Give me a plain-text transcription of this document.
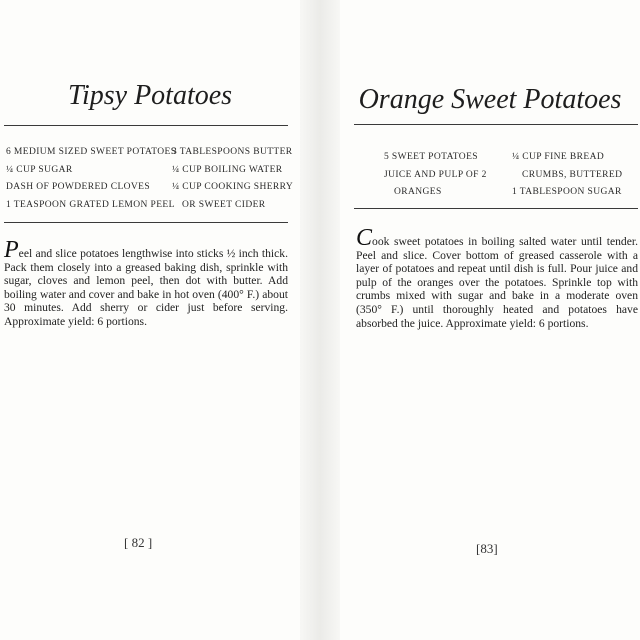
Tipsy Potatoes
6 MEDIUM SIZED SWEET POTATOES
¼ CUP SUGAR
DASH OF POWDERED CLOVES
1 TEASPOON GRATED LEMON PEEL
3 TABLESPOONS BUTTER
¼ CUP BOILING WATER
¼ CUP COOKING SHERRY
OR SWEET CIDER
Peel and slice potatoes lengthwise into sticks ½ inch thick. Pack them closely into a greased baking dish, sprinkle with sugar, cloves and lemon peel, then dot with butter. Add boiling water and cover and bake in hot oven (400° F.) about 30 minutes. Add sherry or cider just before serving. Approximate yield: 6 portions.
[ 82 ]
Orange Sweet Potatoes
5 SWEET POTATOES
JUICE AND PULP OF 2
ORANGES
¼ CUP FINE BREAD
CRUMBS, BUTTERED
1 TABLESPOON SUGAR
Cook sweet potatoes in boiling salted water until tender. Peel and slice. Cover bottom of greased casserole with a layer of potatoes and repeat until dish is full. Pour juice and pulp of the oranges over the potatoes. Sprinkle top with crumbs mixed with sugar and bake in a moderate oven (350° F.) until thoroughly heated and potatoes have absorbed the juice. Approximate yield: 6 portions.
[83]
